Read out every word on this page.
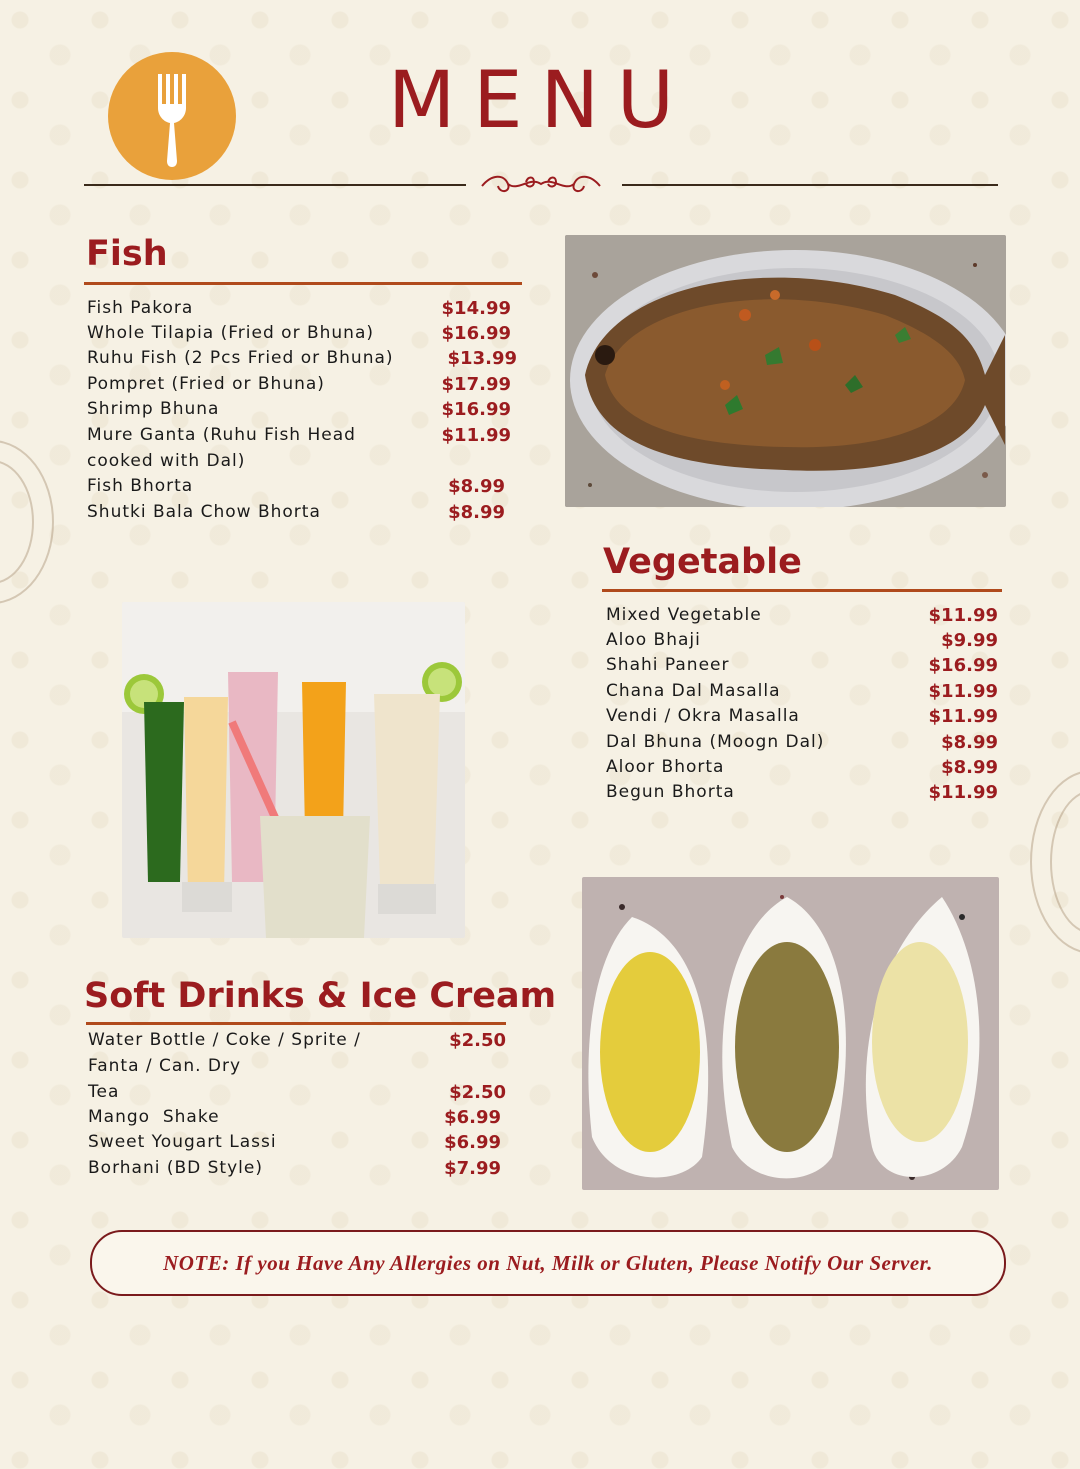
MENU
Fish
Fish Pakora	$14.99
Whole Tilapia (Fried or Bhuna)	$16.99
Ruhu Fish (2 Pcs Fried or Bhuna)	$13.99
Pompret (Fried or Bhuna)	$17.99
Shrimp Bhuna	$16.99
Mure Ganta (Ruhu Fish Head	$11.99
cooked with Dal)
Fish Bhorta	$8.99
Shutki Bala Chow Bhorta	$8.99
Vegetable
Mixed Vegetable	$11.99
Aloo Bhaji	$9.99
Shahi Paneer	$16.99
Chana Dal Masalla	$11.99
Vendi / Okra Masalla	$11.99
Dal Bhuna (Moogn Dal)	$8.99
Aloor Bhorta	$8.99
Begun Bhorta	$11.99
Soft Drinks & Ice Cream
Water Bottle / Coke / Sprite /	$2.50
Fanta / Can. Dry
Tea	$2.50
Mango  Shake	$6.99
Sweet Yougart Lassi	$6.99
Borhani (BD Style)	$7.99
NOTE: If you Have Any Allergies on Nut, Milk or Gluten, Please Notify Our Server.
